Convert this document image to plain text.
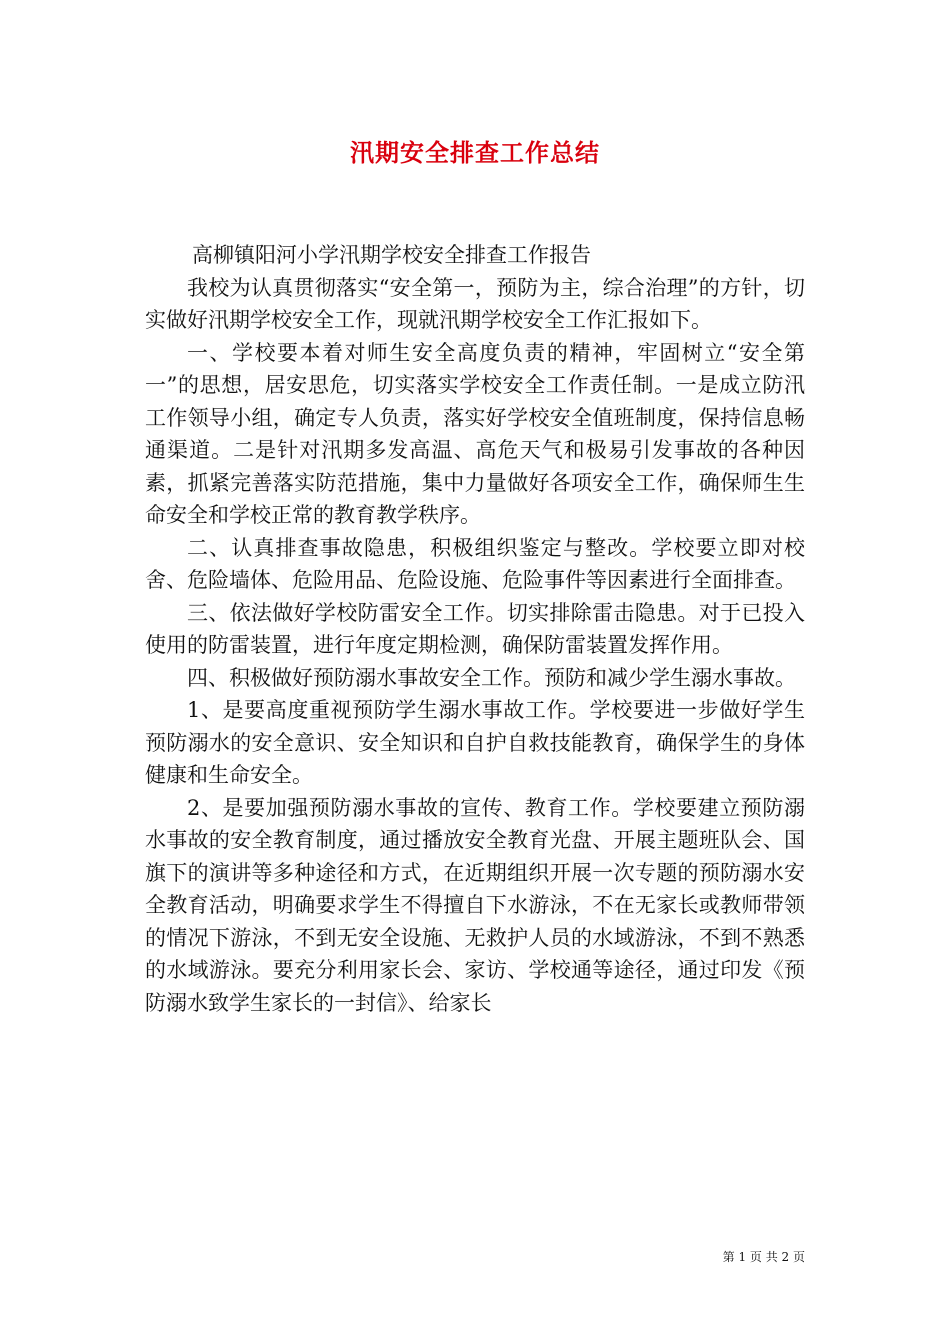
汛期安全排查工作总结

高柳镇阳河小学汛期学校安全排查工作报告

我校为认真贯彻落实“安全第一，预防为主，综合治理”的方针，切实做好汛期学校安全工作，现就汛期学校安全工作汇报如下。

一、学校要本着对师生安全高度负责的精神，牢固树立“安全第一”的思想，居安思危，切实落实学校安全工作责任制。一是成立防汛工作领导小组，确定专人负责，落实好学校安全值班制度，保持信息畅通渠道。二是针对汛期多发高温、高危天气和极易引发事故的各种因素，抓紧完善落实防范措施，集中力量做好各项安全工作，确保师生生命安全和学校正常的教育教学秩序。

二、认真排查事故隐患，积极组织鉴定与整改。学校要立即对校舍、危险墙体、危险用品、危险设施、危险事件等因素进行全面排查。

三、依法做好学校防雷安全工作。切实排除雷击隐患。对于已投入使用的防雷装置，进行年度定期检测，确保防雷装置发挥作用。

四、积极做好预防溺水事故安全工作。预防和减少学生溺水事故。

1、是要高度重视预防学生溺水事故工作。学校要进一步做好学生预防溺水的安全意识、安全知识和自护自救技能教育，确保学生的身体健康和生命安全。

2、是要加强预防溺水事故的宣传、教育工作。学校要建立预防溺水事故的安全教育制度，通过播放安全教育光盘、开展主题班队会、国旗下的演讲等多种途径和方式，在近期组织开展一次专题的预防溺水安全教育活动，明确要求学生不得擅自下水游泳，不在无家长或教师带领的情况下游泳，不到无安全设施、无救护人员的水域游泳，不到不熟悉的水域游泳。要充分利用家长会、家访、学校通等途径，通过印发《预防溺水致学生家长的一封信》、给家长

第 1 页 共 2 页
